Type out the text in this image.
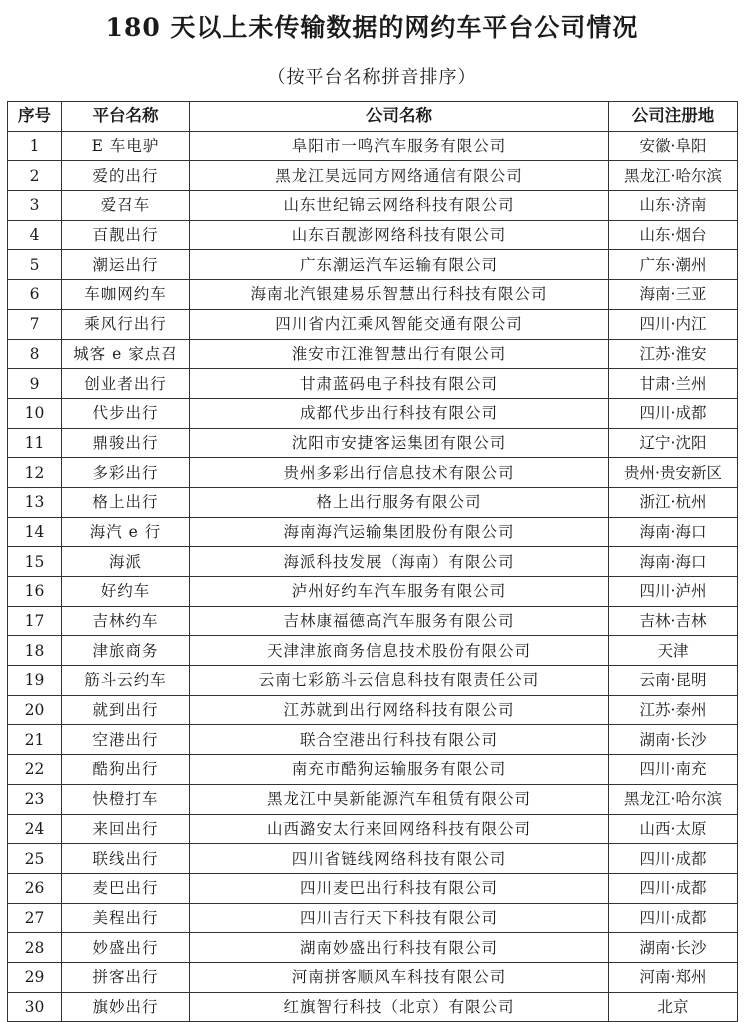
180 天以上未传输数据的网约车平台公司情况
（按平台名称拼音排序）
序号	平台名称	公司名称	公司注册地
1	E 车电驴	阜阳市一鸣汽车服务有限公司	安徽·阜阳
2	爱的出行	黑龙江昊远同方网络通信有限公司	黑龙江·哈尔滨
3	爱召车	山东世纪锦云网络科技有限公司	山东·济南
4	百靓出行	山东百靓澎网络科技有限公司	山东·烟台
5	潮运出行	广东潮运汽车运输有限公司	广东·潮州
6	车咖网约车	海南北汽银建易乐智慧出行科技有限公司	海南·三亚
7	乘风行出行	四川省内江乘风智能交通有限公司	四川·内江
8	城客 e 家点召	淮安市江淮智慧出行有限公司	江苏·淮安
9	创业者出行	甘肃蓝码电子科技有限公司	甘肃·兰州
10	代步出行	成都代步出行科技有限公司	四川·成都
11	鼎骏出行	沈阳市安捷客运集团有限公司	辽宁·沈阳
12	多彩出行	贵州多彩出行信息技术有限公司	贵州·贵安新区
13	格上出行	格上出行服务有限公司	浙江·杭州
14	海汽 e 行	海南海汽运输集团股份有限公司	海南·海口
15	海派	海派科技发展（海南）有限公司	海南·海口
16	好约车	泸州好约车汽车服务有限公司	四川·泸州
17	吉林约车	吉林康福德高汽车服务有限公司	吉林·吉林
18	津旅商务	天津津旅商务信息技术股份有限公司	天津
19	筋斗云约车	云南七彩筋斗云信息科技有限责任公司	云南·昆明
20	就到出行	江苏就到出行网络科技有限公司	江苏·泰州
21	空港出行	联合空港出行科技有限公司	湖南·长沙
22	酷狗出行	南充市酷狗运输服务有限公司	四川·南充
23	快橙打车	黑龙江中昊新能源汽车租赁有限公司	黑龙江·哈尔滨
24	来回出行	山西潞安太行来回网络科技有限公司	山西·太原
25	联线出行	四川省链线网络科技有限公司	四川·成都
26	麦巴出行	四川麦巴出行科技有限公司	四川·成都
27	美程出行	四川吉行天下科技有限公司	四川·成都
28	妙盛出行	湖南妙盛出行科技有限公司	湖南·长沙
29	拼客出行	河南拼客顺风车科技有限公司	河南·郑州
30	旗妙出行	红旗智行科技（北京）有限公司	北京
